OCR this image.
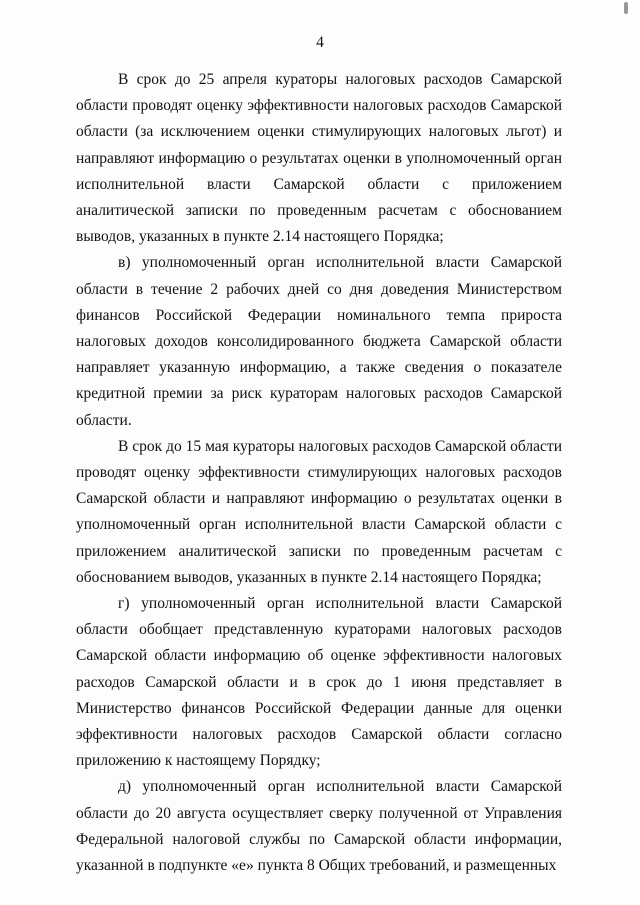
4

В срок до 25 апреля кураторы налоговых расходов Самарской области проводят оценку эффективности налоговых расходов Самарской области (за исключением оценки стимулирующих налоговых льгот) и направляют информацию о результатах оценки в уполномоченный орган исполнительной власти Самарской области с приложением аналитической записки по проведенным расчетам с обоснованием выводов, указанных в пункте 2.14 настоящего Порядка;

в) уполномоченный орган исполнительной власти Самарской области в течение 2 рабочих дней со дня доведения Министерством финансов Российской Федерации номинального темпа прироста налоговых доходов консолидированного бюджета Самарской области направляет указанную информацию, а также сведения о показателе кредитной премии за риск кураторам налоговых расходов Самарской области.

В срок до 15 мая кураторы налоговых расходов Самарской области проводят оценку эффективности стимулирующих налоговых расходов Самарской области и направляют информацию о результатах оценки в уполномоченный орган исполнительной власти Самарской области с приложением аналитической записки по проведенным расчетам с обоснованием выводов, указанных в пункте 2.14 настоящего Порядка;

г) уполномоченный орган исполнительной власти Самарской области обобщает представленную кураторами налоговых расходов Самарской области информацию об оценке эффективности налоговых расходов Самарской области и в срок до 1 июня представляет в Министерство финансов Российской Федерации данные для оценки эффективности налоговых расходов Самарской области согласно приложению к настоящему Порядку;

д) уполномоченный орган исполнительной власти Самарской области до 20 августа осуществляет сверку полученной от Управления Федеральной налоговой службы по Самарской области информации, указанной в подпункте «е» пункта 8 Общих требований, и размещенных
